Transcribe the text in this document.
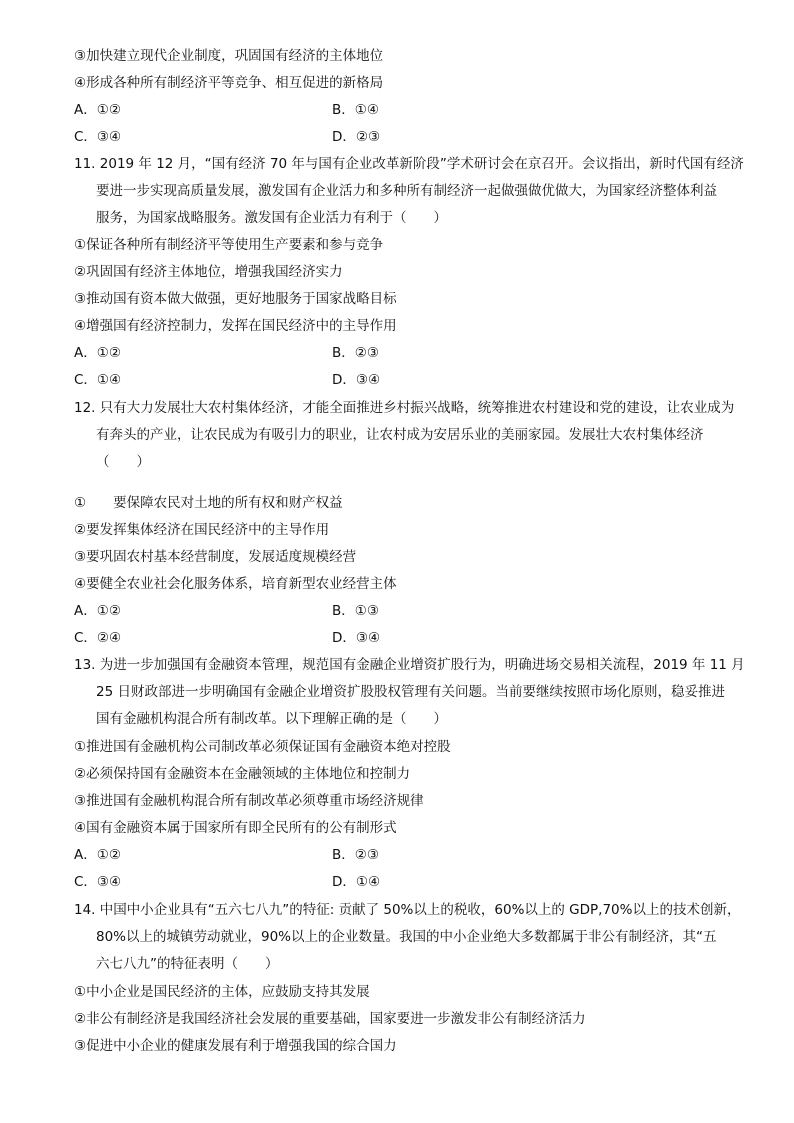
③加快建立现代企业制度，巩固国有经济的主体地位
④形成各种所有制经济平等竞争、相互促进的新格局
A．①②	B．①④
C．③④	D．②③
11. 2019 年 12 月，“国有经济 70 年与国有企业改革新阶段”学术研讨会在京召开。会议指出，新时代国有经济
要进一步实现高质量发展，激发国有企业活力和多种所有制经济一起做强做优做大，为国家经济整体利益
服务，为国家战略服务。激发国有企业活力有利于（　　）
①保证各种所有制经济平等使用生产要素和参与竞争
②巩固国有经济主体地位，增强我国经济实力
③推动国有资本做大做强，更好地服务于国家战略目标
④增强国有经济控制力，发挥在国民经济中的主导作用
A．①②	B．②③
C．①④	D．③④
12. 只有大力发展壮大农村集体经济，才能全面推进乡村振兴战略，统筹推进农村建设和党的建设，让农业成为
有奔头的产业，让农民成为有吸引力的职业，让农村成为安居乐业的美丽家园。发展壮大农村集体经济
（　　）
①　　要保障农民对土地的所有权和财产权益
②要发挥集体经济在国民经济中的主导作用
③要巩固农村基本经营制度，发展适度规模经营
④要健全农业社会化服务体系，培育新型农业经营主体
A．①②	B．①③
C．②④	D．③④
13. 为进一步加强国有金融资本管理，规范国有金融企业增资扩股行为，明确进场交易相关流程，2019 年 11 月
25 日财政部进一步明确国有金融企业增资扩股股权管理有关问题。当前要继续按照市场化原则，稳妥推进
国有金融机构混合所有制改革。以下理解正确的是（　　）
①推进国有金融机构公司制改革必须保证国有金融资本绝对控股
②必须保持国有金融资本在金融领域的主体地位和控制力
③推进国有金融机构混合所有制改革必须尊重市场经济规律
④国有金融资本属于国家所有即全民所有的公有制形式
A．①②	B．②③
C．③④	D．①④
14. 中国中小企业具有“五六七八九”的特征: 贡献了 50%以上的税收，60%以上的 GDP,70%以上的技术创新，
80%以上的城镇劳动就业，90%以上的企业数量。我国的中小企业绝大多数都属于非公有制经济，其“五
六七八九”的特征表明（　　）
①中小企业是国民经济的主体，应鼓励支持其发展
②非公有制经济是我国经济社会发展的重要基础，国家要进一步激发非公有制经济活力
③促进中小企业的健康发展有利于增强我国的综合国力
